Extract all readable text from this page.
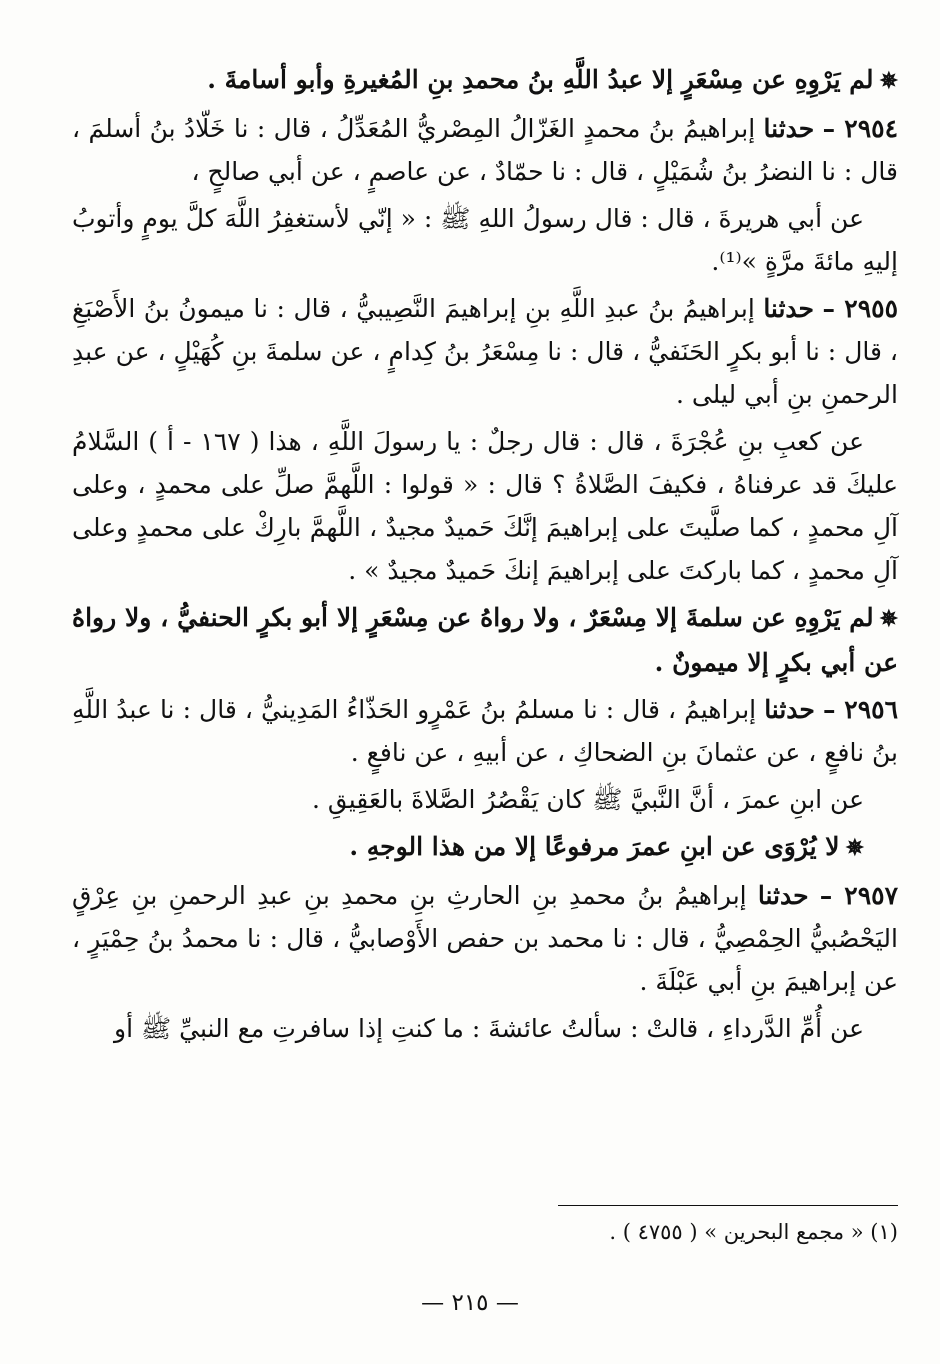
✵لم يَرْوِهِ عن مِسْعَرٍ إلا عبدُ اللَّهِ بنُ محمدِ بنِ المُغيرةِ وأبو أسامةَ .

٢٩٥٤ – حدثنا إبراهيمُ بنُ محمدٍ الغَزّالُ المِصْريُّ المُعَدِّلُ ، قال : نا خَلّادُ بنُ أسلمَ ، قال : نا النضرُ بنُ شُمَيْلٍ ، قال : نا حمّادٌ ، عن عاصمٍ ، عن أبي صالحٍ ،

عن أبي هريرةَ ، قال : قال رسولُ اللهِ ﷺ : « إنّي لأستغفِرُ اللَّهَ كلَّ يومٍ وأتوبُ إليهِ مائةَ مرَّةٍ »⁽¹⁾.

٢٩٥٥ – حدثنا إبراهيمُ بنُ عبدِ اللَّهِ بنِ إبراهيمَ النَّصِيبيُّ ، قال : نا ميمونُ بنُ الأَصْبَغِ ، قال : نا أبو بكرٍ الحَنَفيُّ ، قال : نا مِسْعَرُ بنُ كِدامٍ ، عن سلمةَ بنِ كُهَيْلٍ ، عن عبدِ الرحمنِ بنِ أبي ليلى .

عن كعبِ بنِ عُجْرَةَ ، قال : قال رجلٌ : يا رسولَ اللَّهِ ، هذا ( ١٦٧ - أ ) السَّلامُ عليكَ قد عرفناهُ ، فكيفَ الصَّلاةُ ؟ قال : « قولوا : اللَّهمَّ صلِّ على محمدٍ ، وعلى آلِ محمدٍ ، كما صلَّيتَ على إبراهيمَ إنَّكَ حَميدٌ مجيدٌ ، اللَّهمَّ بارِكْ على محمدٍ وعلى آلِ محمدٍ ، كما باركتَ على إبراهيمَ إنكَ حَميدٌ مجيدٌ » .

✵لم يَرْوِهِ عن سلمةَ إلا مِسْعَرٌ ، ولا رواهُ عن مِسْعَرٍ إلا أبو بكرٍ الحنفيُّ ، ولا رواهُ عن أبي بكرٍ إلا ميمونٌ .

٢٩٥٦ – حدثنا إبراهيمُ ، قال : نا مسلمُ بنُ عَمْرٍو الحَذّاءُ المَدِينيُّ ، قال : نا عبدُ اللَّهِ بنُ نافعٍ ، عن عثمانَ بنِ الضحاكِ ، عن أبيهِ ، عن نافعٍ .

عن ابنِ عمرَ ، أنَّ النَّبيَّ ﷺ كان يَقْصُرُ الصَّلاةَ بالعَقِيقِ .

✵لا يُرْوَى عن ابنِ عمرَ مرفوعًا إلا من هذا الوجهِ .

٢٩٥٧ – حدثنا إبراهيمُ بنُ محمدِ بنِ الحارثِ بنِ محمدِ بنِ عبدِ الرحمنِ بنِ عِرْقٍ اليَحْصُبيُّ الحِمْصِيُّ ، قال : نا محمد بن حفص الأَوْصابيُّ ، قال : نا محمدُ بنُ حِمْيَرٍ ، عن إبراهيمَ بنِ أبي عَبْلَةَ .

عن أُمِّ الدَّرداءِ ، قالتْ : سألتُ عائشةَ : ما كنتِ إذا سافرتِ مع النبيِّ ﷺ أو

(١) « مجمع البحرين » ( ٤٧٥٥ ) .
— ٢١٥ —
